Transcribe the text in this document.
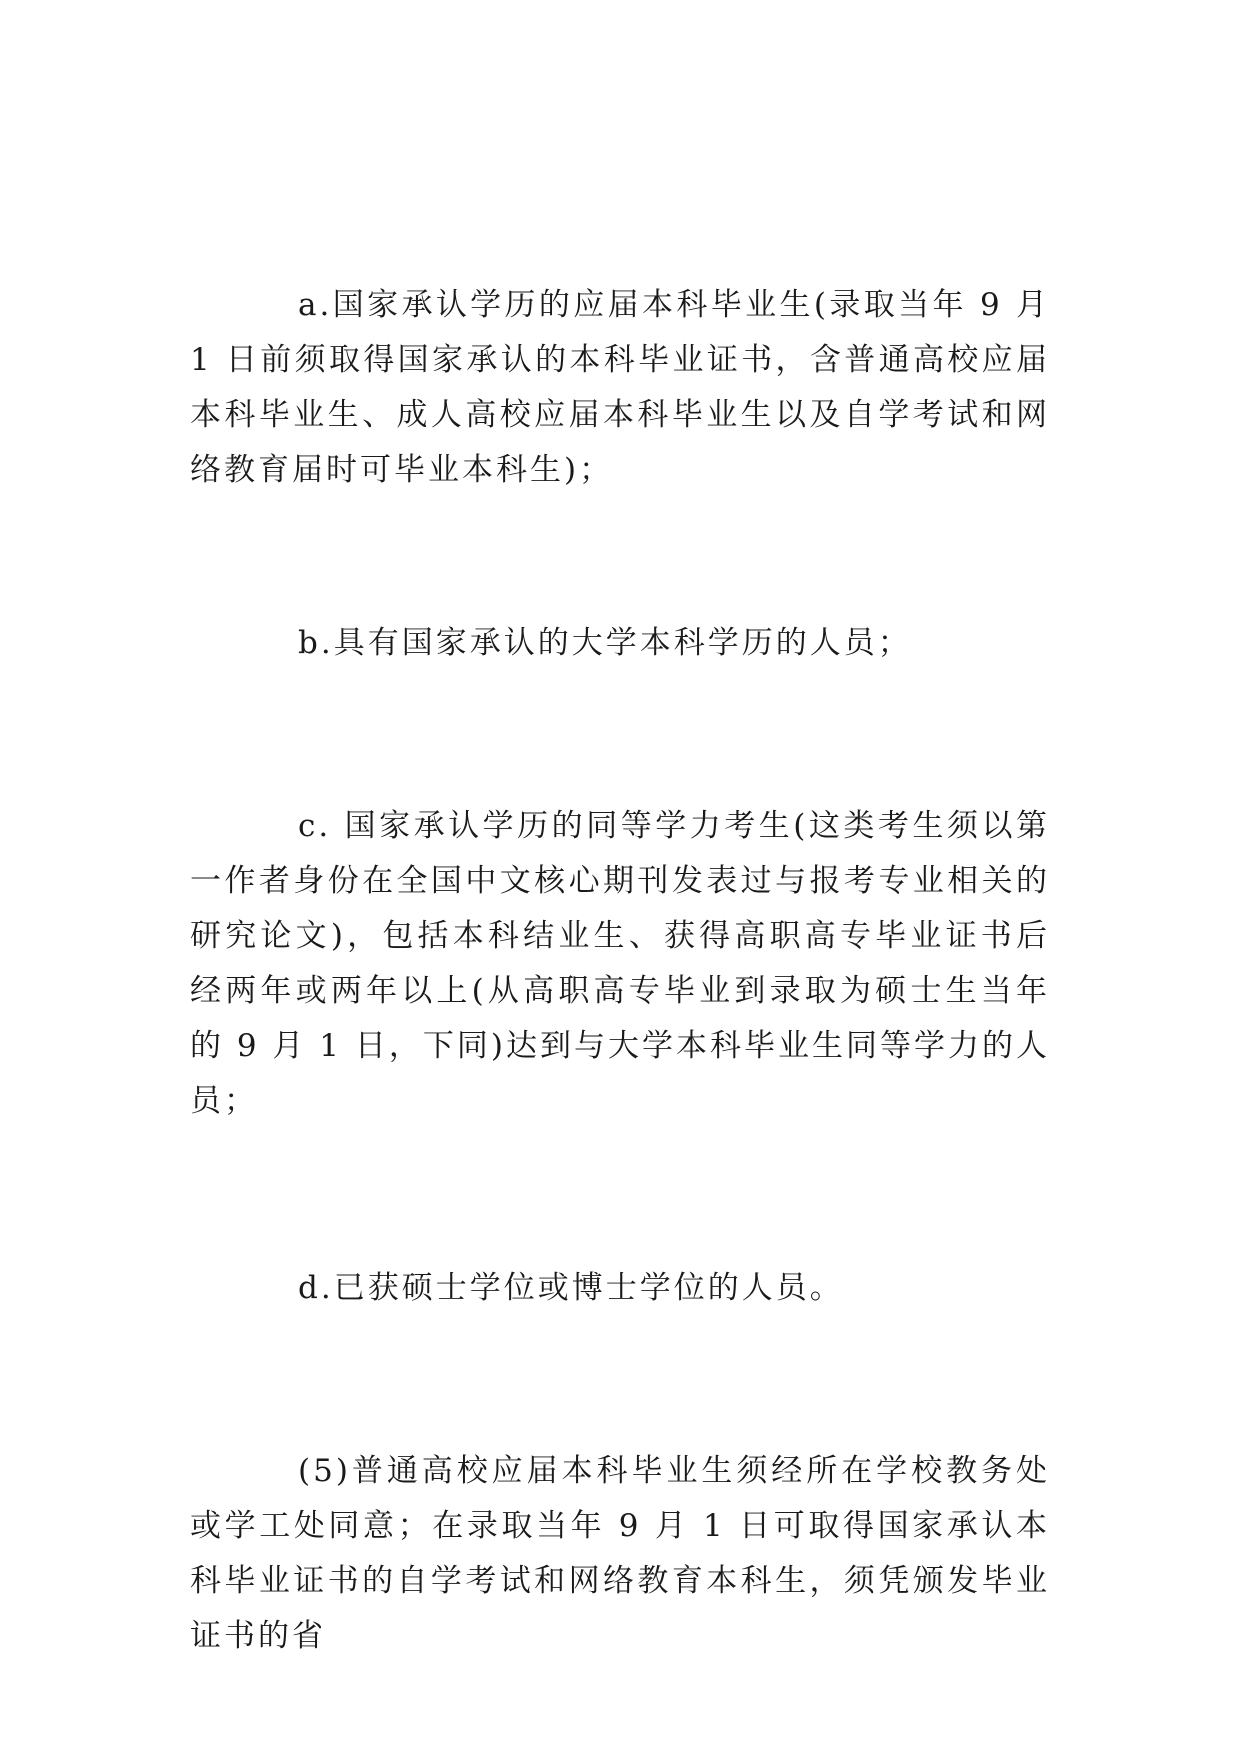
a.国家承认学历的应届本科毕业生(录取当年 9 月 1 日前须取得国家承认的本科毕业证书，含普通高校应届本科毕业生、成人高校应届本科毕业生以及自学考试和网络教育届时可毕业本科生)；

b.具有国家承认的大学本科学历的人员；

c. 国家承认学历的同等学力考生(这类考生须以第一作者身份在全国中文核心期刊发表过与报考专业相关的研究论文)，包括本科结业生、获得高职高专毕业证书后经两年或两年以上(从高职高专毕业到录取为硕士生当年的 9 月 1 日，下同)达到与大学本科毕业生同等学力的人员；

d.已获硕士学位或博士学位的人员。

(5)普通高校应届本科毕业生须经所在学校教务处或学工处同意；在录取当年 9 月 1 日可取得国家承认本科毕业证书的自学考试和网络教育本科生，须凭颁发毕业证书的省
